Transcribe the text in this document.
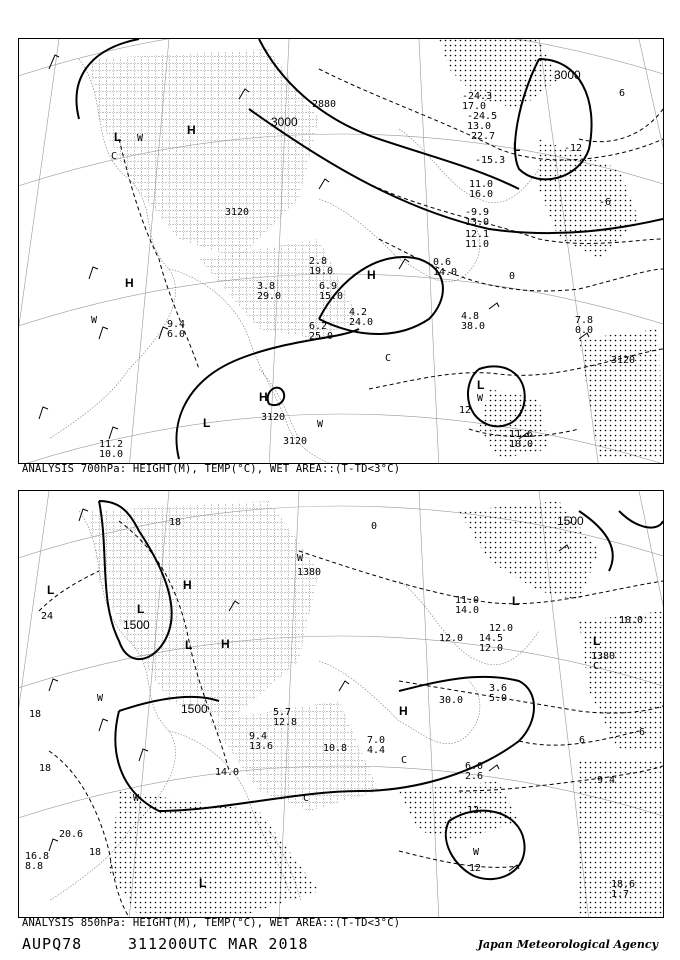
3000
3000
2880
3120
3120
3120
3120
-12
0
12
-6
6
H
H
H
H
L
L
L
L
C
C
W
W
W
W
-24.3
17.0
-24.5
13.0
22.7
-15.3
11.0
16.0
-9.9
13.0
12.1
11.0
0.6
14.0
4.8
38.0
7.8
0.0
11.6
10.0
2.8
19.0
6.9
15.0
3.8
29.0
4.2
24.0
6.2
25.0
9.4
6.0
11.2
10.0
ANALYSIS 700hPa: HEIGHT(M), TEMP(°C), WET AREA::(T-TD<3°C)
1500
1500
1500
1380
1380
18
18
18
24
12
12
0
6
6
18
H
H
H
L
L
L
L
L
L
C
C
C
W
W
W
W
11.0
14.0
14.5
12.0
30.0
12.0
6.0
2.6	9.4
18.6
1.7
16.8
8.8
20.6
5.7
12.8
9.4
13.6	10.8
14.0
7.0
4.4
3.6
5.0
12.0
10.0
ANALYSIS 850hPa: HEIGHT(M), TEMP(°C), WET AREA::(T-TD<3°C)
AUPQ78	311200UTC MAR 2018	Japan Meteorological Agency
